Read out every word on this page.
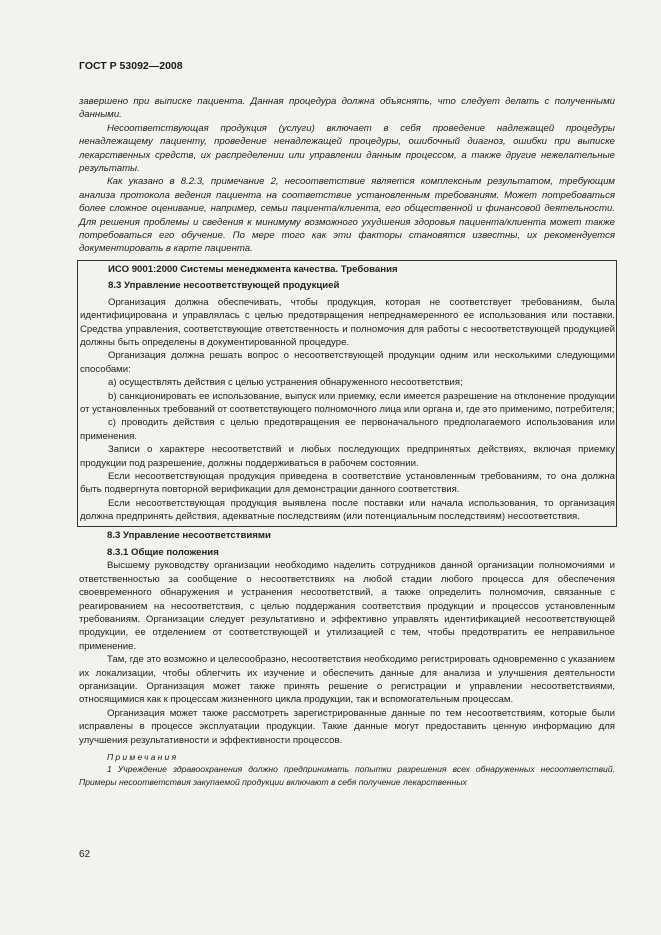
ГОСТ Р 53092—2008

завершено при выписке пациента. Данная процедура должна объяснять, что следует делать с полученными данными.

Несоответствующая продукция (услуги) включает в себя проведение надлежащей процедуры ненадлежащему пациенту, проведение ненадлежащей процедуры, ошибочный диагноз, ошибки при выписке лекарственных средств, их распределении или управлении данным процессом, а также другие нежелательные результаты.

Как указано в 8.2.3, примечание 2, несоответствие является комплексным результатом, требующим анализа протокола ведения пациента на соответствие установленным требованиям. Может потребоваться более сложное оценивание, например, семьи пациента/клиента, его общественной и финансовой деятельности. Для решения проблемы и сведения к минимуму возможного ухудшения здоровья пациента/клиента может также потребоваться его обучение. По мере того как эти факторы становятся известны, их рекомендуется документировать в карте пациента.

ИСО 9001:2000 Системы менеджмента качества. Требования

8.3 Управление несоответствующей продукцией

Организация должна обеспечивать, чтобы продукция, которая не соответствует требованиям, была идентифицирована и управлялась с целью предотвращения непреднамеренного ее использования или поставки. Средства управления, соответствующие ответственность и полномочия для работы с несоответствующей продукцией должны быть определены в документированной процедуре.

Организация должна решать вопрос о несоответствующей продукции одним или несколькими следующими способами:

a) осуществлять действия с целью устранения обнаруженного несоответствия;

b) санкционировать ее использование, выпуск или приемку, если имеется разрешение на отклонение продукции от установленных требований от соответствующего полномочного лица или органа и, где это применимо, потребителя;

c) проводить действия с целью предотвращения ее первоначального предполагаемого использования или применения.

Записи о характере несоответствий и любых последующих предпринятых действиях, включая приемку продукции под разрешение, должны поддерживаться в рабочем состоянии.

Если несоответствующая продукция приведена в соответствие установленным требованиям, то она должна быть подвергнута повторной верификации для демонстрации данного соответствия.

Если несоответствующая продукция выявлена после поставки или начала использования, то организация должна предпринять действия, адекватные последствиям (или потенциальным последствиям) несоответствия.

8.3 Управление несоответствиями

8.3.1 Общие положения

Высшему руководству организации необходимо наделить сотрудников данной организации полномочиями и ответственностью за сообщение о несоответствиях на любой стадии любого процесса для обеспечения своевременного обнаружения и устранения несоответствий, а также определить полномочия, связанные с реагированием на несоответствия, с целью поддержания соответствия продукции и процессов установленным требованиям. Организации следует результативно и эффективно управлять идентификацией несоответствующей продукции, ее отделением от соответствующей и утилизацией с тем, чтобы предотвратить ее неправильное применение.

Там, где это возможно и целесообразно, несоответствия необходимо регистрировать одновременно с указанием их локализации, чтобы облегчить их изучение и обеспечить данные для анализа и улучшения деятельности организации. Организация может также принять решение о регистрации и управлении несоответствиями, относящимися как к процессам жизненного цикла продукции, так и вспомогательным процессам.

Организация может также рассмотреть зарегистрированные данные по тем несоответствиям, которые были исправлены в процессе эксплуатации продукции. Такие данные могут предоставить ценную информацию для улучшения результативности и эффективности процессов.

Примечания

1 Учреждение здравоохранения должно предпринимать попытки разрешения всех обнаруженных несоответствий. Примеры несоответствия закупаемой продукции включают в себя получение лекарственных

62
